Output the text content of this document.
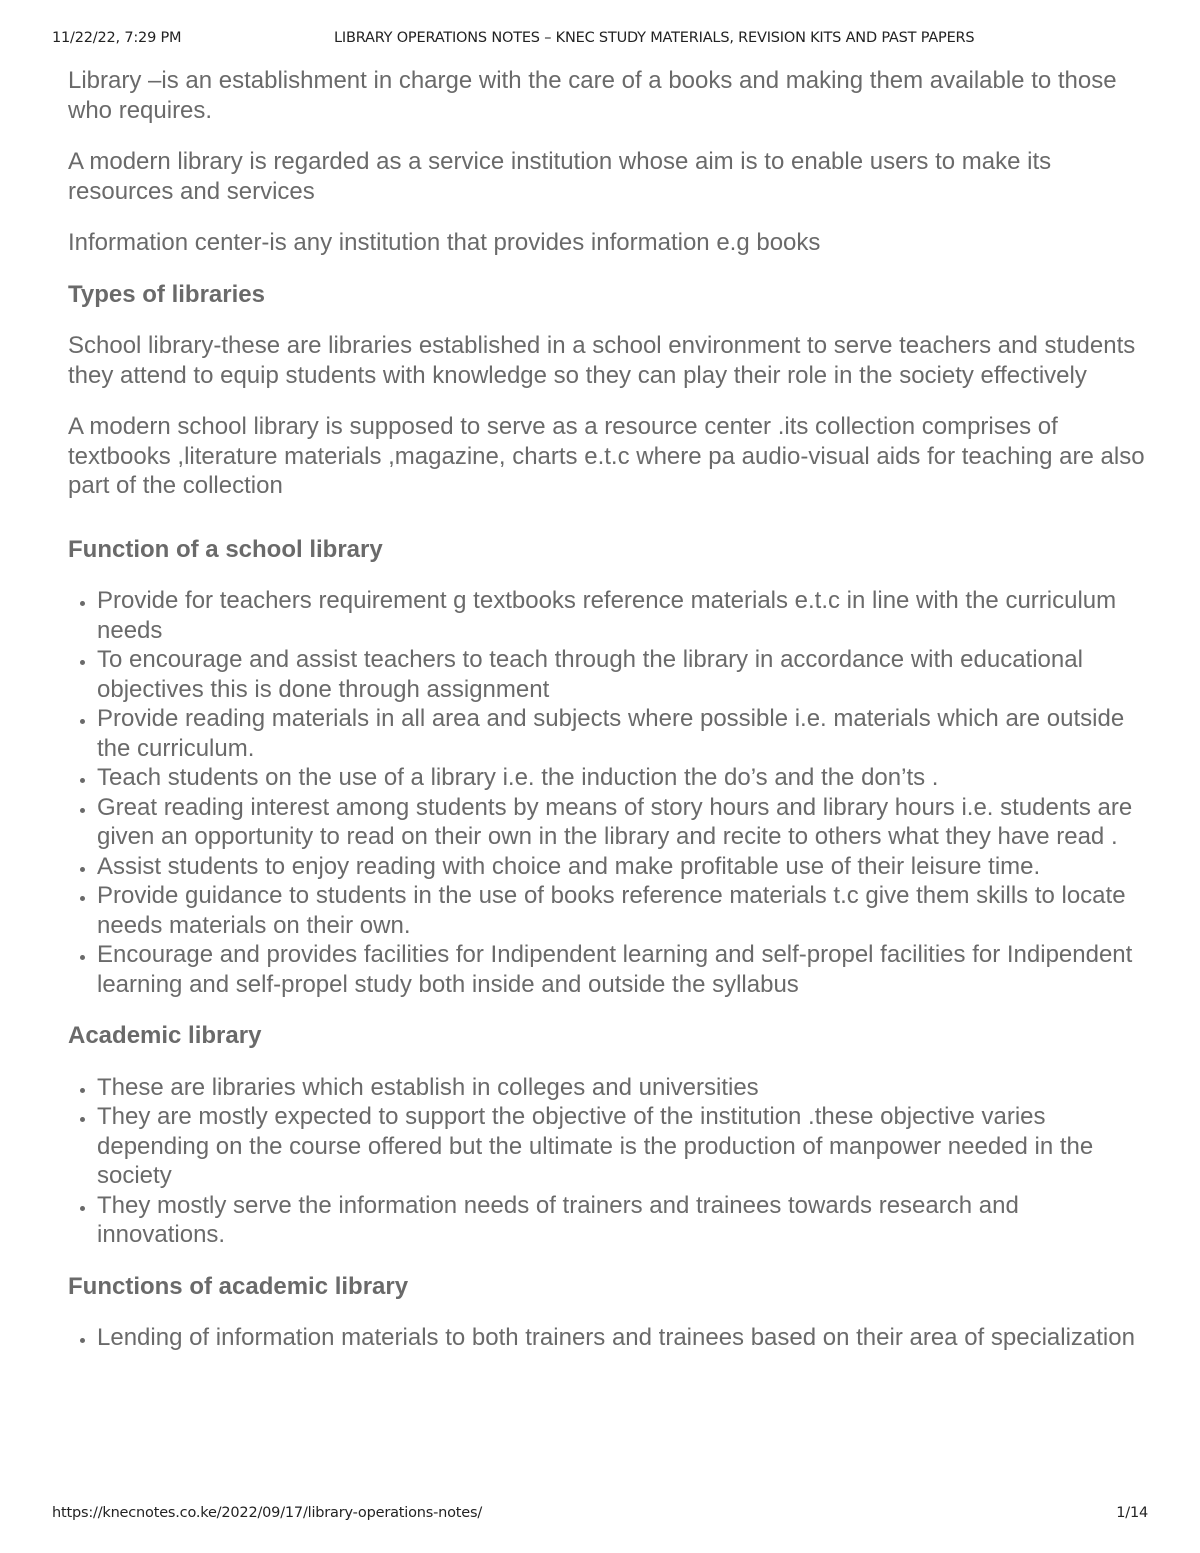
11/22/22, 7:29 PM	LIBRARY OPERATIONS NOTES – KNEC STUDY MATERIALS, REVISION KITS AND PAST PAPERS

Library –is an establishment in charge with the care of a books and making them available to those who requires.

A modern library is regarded as a service institution whose aim is to enable users to make its resources and services

Information center-is any institution that provides information e.g books

Types of libraries

School library-these are libraries established in a school environment to serve teachers and students they attend to equip students with knowledge so they can play their role in the society effectively

A modern school library is supposed to serve as a resource center .its collection comprises of textbooks ,literature materials ,magazine, charts e.t.c where pa audio-visual aids for teaching are also part of the collection

Function of a school library
• Provide for teachers requirement g textbooks reference materials e.t.c in line with the curriculum needs
• To encourage and assist teachers to teach through the library in accordance with educational objectives this is done through assignment
• Provide reading materials in all area and subjects where possible i.e. materials which are outside the curriculum.
• Teach students on the use of a library i.e. the induction the do’s and the don’ts .
• Great reading interest among students by means of story hours and library hours i.e. students are given an opportunity to read on their own in the library and recite to others what they have read .
• Assist students to enjoy reading with choice and make profitable use of their leisure time.
• Provide guidance to students in the use of books reference materials t.c give them skills to locate needs materials on their own.
• Encourage and provides facilities for Indipendent learning and self-propel facilities for Indipendent learning and self-propel study both inside and outside the syllabus
Academic library
• These are libraries which establish in colleges and universities
• They are mostly expected to support the objective of the institution .these objective varies depending on the course offered but the ultimate is the production of manpower needed in the society
• They mostly serve the information needs of trainers and trainees towards research and innovations.
Functions of academic library
• Lending of information materials to both trainers and trainees based on their area of specialization
https://knecnotes.co.ke/2022/09/17/library-operations-notes/	1/14
